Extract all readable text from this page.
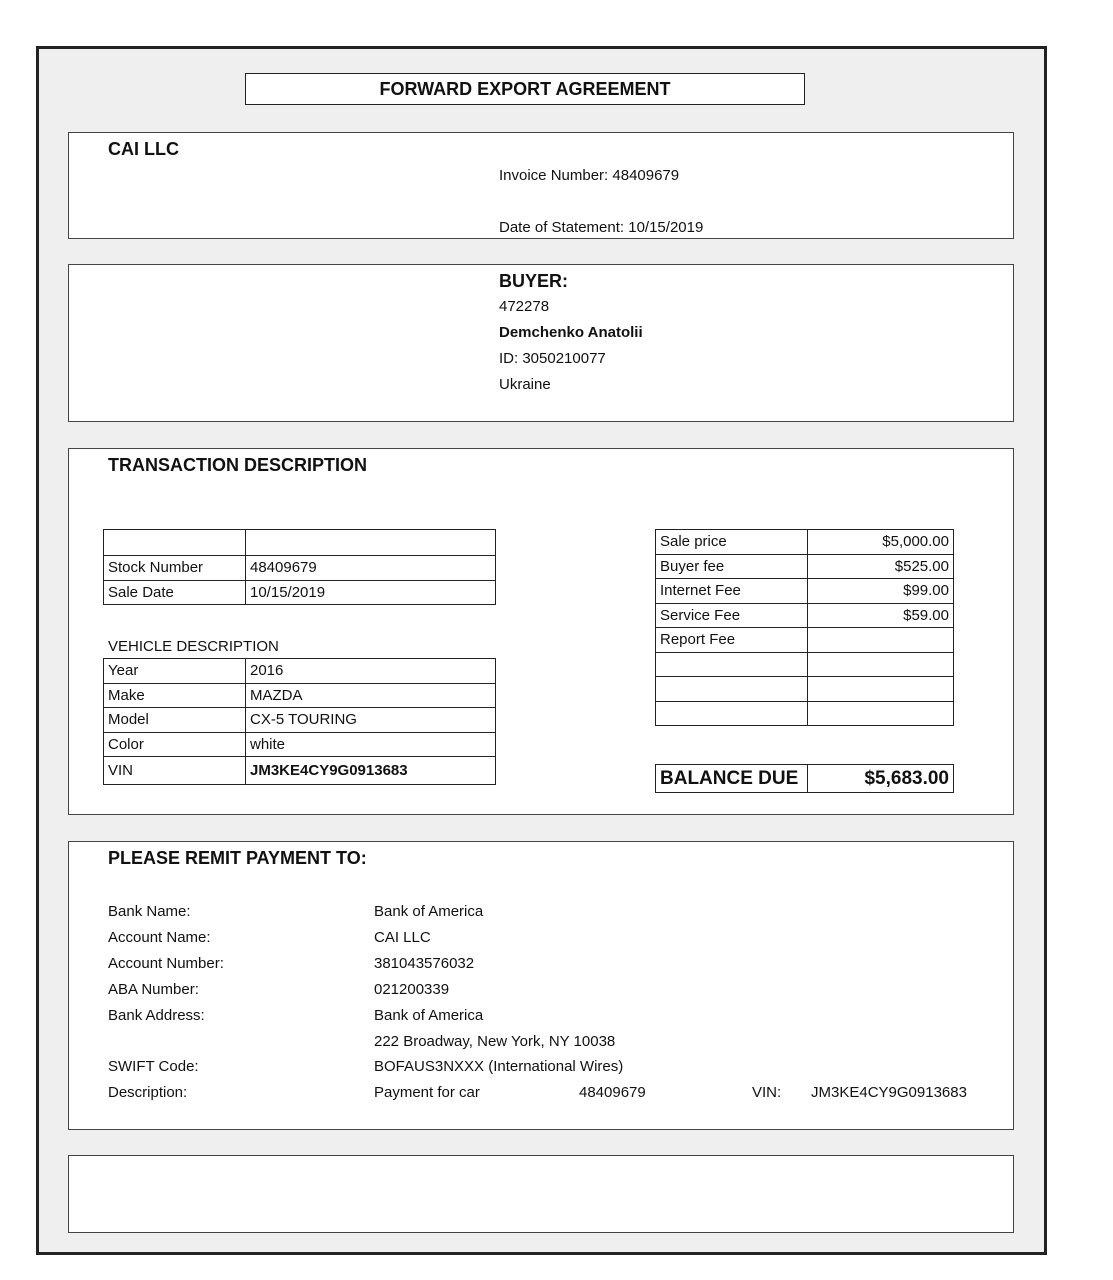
FORWARD EXPORT AGREEMENT
CAI LLC
Invoice Number: 48409679
Date of Statement: 10/15/2019
BUYER:
472278
Demchenko Anatolii
ID: 3050210077
Ukraine
TRANSACTION DESCRIPTION

Stock Number	48409679
Sale Date	10/15/2019
VEHICLE DESCRIPTION
Year	2016
Make	MAZDA
Model	CX-5 TOURING
Color	white
VIN	JM3KE4CY9G0913683
Sale price	$5,000.00
Buyer fee	$525.00
Internet Fee	$99.00
Service Fee	$59.00
Report Fee	

BALANCE DUE	$5,683.00
PLEASE REMIT PAYMENT TO:
Bank Name:	Bank of America
Account Name:	CAI LLC
Account Number:	381043576032
ABA Number:	021200339
Bank Address:	Bank of America
222 Broadway, New York, NY 10038
SWIFT Code:	BOFAUS3NXXX (International Wires)
Description:	Payment for car	48409679	VIN: JM3KE4CY9G0913683
